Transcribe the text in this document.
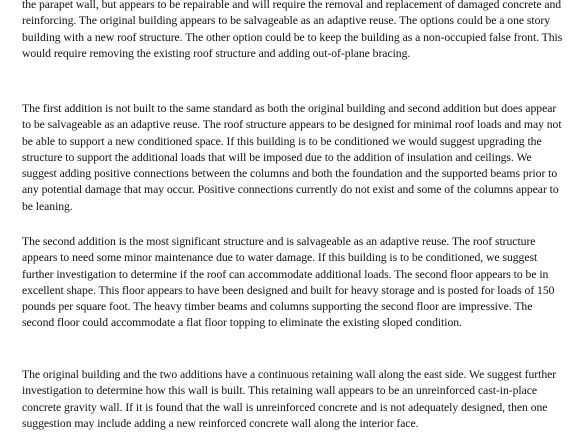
the parapet wall, but appears to be repairable and will require the removal and replacement of damaged concrete and reinforcing. The original building appears to be salvageable as an adaptive reuse. The options could be a one story building with a new roof structure. The other option could be to keep the building as a non-occupied false front. This would require removing the existing roof structure and adding out-of-plane bracing.

The first addition is not built to the same standard as both the original building and second addition but does appear to be salvageable as an adaptive reuse. The roof structure appears to be designed for minimal roof loads and may not be able to support a new conditioned space. If this building is to be conditioned we would suggest upgrading the structure to support the additional loads that will be imposed due to the addition of insulation and ceilings. We suggest adding positive connections between the columns and both the foundation and the supported beams prior to any potential damage that may occur. Positive connections currently do not exist and some of the columns appear to be leaning.

The second addition is the most significant structure and is salvageable as an adaptive reuse. The roof structure appears to need some minor maintenance due to water damage. If this building is to be conditioned, we suggest further investigation to determine if the roof can accommodate additional loads. The second floor appears to be in excellent shape. This floor appears to have been designed and built for heavy storage and is posted for loads of 150 pounds per square foot. The heavy timber beams and columns supporting the second floor are impressive. The second floor could accommodate a flat floor topping to eliminate the existing sloped condition.

The original building and the two additions have a continuous retaining wall along the east side. We suggest further investigation to determine how this wall is built. This retaining wall appears to be an unreinforced cast-in-place concrete gravity wall. If it is found that the wall is unreinforced concrete and is not adequately designed, then one suggestion may include adding a new reinforced concrete wall along the interior face.
